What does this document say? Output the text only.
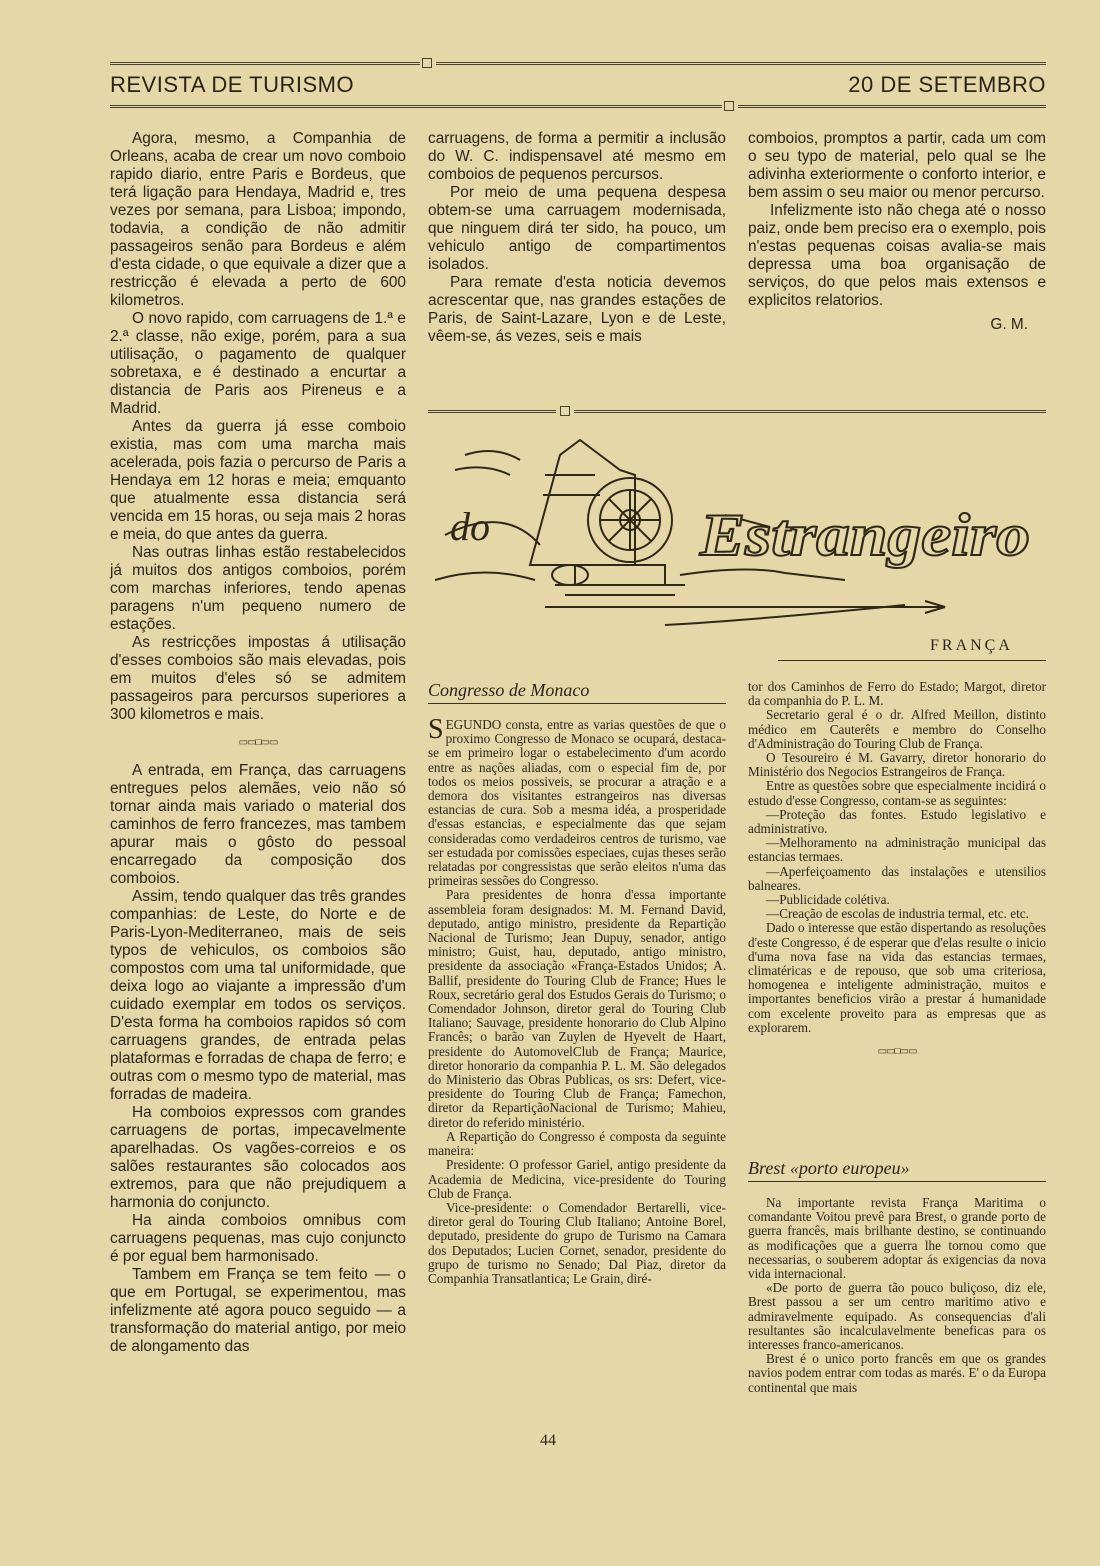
REVISTA DE TURISMO	20 DE SETEMBRO

Agora, mesmo, a Companhia de Orleans, acaba de crear um novo comboio rapido diario, entre Paris e Bordeus, que terá ligação para Hendaya, Madrid e, tres vezes por semana, para Lisboa; impondo, todavia, a condição de não admitir passageiros senão para Bordeus e além d'esta cidade, o que equivale a dizer que a restricção é elevada a perto de 600 kilometros.

O novo rapido, com carruagens de 1.ª e 2.ª classe, não exige, porém, para a sua utilisação, o pagamento de qualquer sobretaxa, e é destinado a encurtar a distancia de Paris aos Pireneus e a Madrid.

Antes da guerra já esse comboio existia, mas com uma marcha mais acelerada, pois fazia o percurso de Paris a Hendaya em 12 horas e meia; emquanto que atualmente essa distancia será vencida em 15 horas, ou seja mais 2 horas e meia, do que antes da guerra.

Nas outras linhas estão restabelecidos já muitos dos antigos comboios, porém com marchas inferiores, tendo apenas paragens n'um pequeno numero de estações.

As restricções impostas á utilisação d'esses comboios são mais elevadas, pois em muitos d'eles só se admitem passageiros para percursos superiores a 300 kilometros e mais.

▭▭□▭▭

A entrada, em França, das carruagens entregues pelos alemães, veio não só tornar ainda mais variado o material dos caminhos de ferro francezes, mas tambem apurar mais o gôsto do pessoal encarregado da composição dos comboios.

Assim, tendo qualquer das três grandes companhias: de Leste, do Norte e de Paris-Lyon-Mediterraneo, mais de seis typos de vehiculos, os comboios são compostos com uma tal uniformidade, que deixa logo ao viajante a impressão d'um cuidado exemplar em todos os serviços. D'esta forma ha comboios rapidos só com carruagens grandes, de entrada pelas plataformas e forradas de chapa de ferro; e outras com o mesmo typo de material, mas forradas de madeira.

Ha comboios expressos com grandes carruagens de portas, impecavelmente aparelhadas. Os vagões-correios e os salões restaurantes são colocados aos extremos, para que não prejudiquem a harmonia do conjuncto.

Ha ainda comboios omnibus com carruagens pequenas, mas cujo conjuncto é por egual bem harmonisado.

Tambem em França se tem feito — o que em Portugal, se experimentou, mas infelizmente até agora pouco seguido — a transformação do material antigo, por meio de alongamento das

carruagens, de forma a permitir a inclusão do W. C. indispensavel até mesmo em comboios de pequenos percursos.

Por meio de uma pequena despesa obtem-se uma carruagem modernisada, que ninguem dirá ter sido, ha pouco, um vehiculo antigo de compartimentos isolados.

Para remate d'esta noticia devemos acrescentar que, nas grandes estações de Paris, de Saint-Lazare, Lyon e de Leste, vêem-se, ás vezes, seis e mais

comboios, promptos a partir, cada um com o seu typo de material, pelo qual se lhe adivinha exteriormente o conforto interior, e bem assim o seu maior ou menor percurso.

Infelizmente isto não chega até o nosso paiz, onde bem preciso era o exemplo, pois n'estas pequenas coisas avalia-se mais depressa uma boa organisação de serviços, do que pelos mais extensos e explicitos relatorios.

G. M.
do	Estrangeiro
FRANÇA
Congresso de Monaco

SEGUNDO consta, entre as varias questões de que o proximo Congresso de Monaco se ocupará, destaca-se em primeiro logar o estabelecimento d'um acordo entre as nações aliadas, com o especial fim de, por todos os meios possiveis, se procurar a atração e a demora dos visitantes estrangeiros nas diversas estancias de cura. Sob a mesma idéa, a prosperidade d'essas estancias, e especialmente das que sejam consideradas como verdadeiros centros de turismo, vae ser estudada por comissões especiaes, cujas theses serão relatadas por congressistas que serão eleitos n'uma das primeiras sessões do Congresso.

Para presidentes de honra d'essa importante assembleia foram designados: M. M. Fernand David, deputado, antigo ministro, presidente da Repartição Nacional de Turismo; Jean Dupuy, senador, antigo ministro; Guist, hau, deputado, antigo ministro, presidente da associação «França-Estados Unidos; A. Ballif, presidente do Touring Club de France; Hues le Roux, secretário geral dos Estudos Gerais do Turismo; o Comendador Johnson, diretor geral do Touring Club Italiano; Sauvage, presidente honorario do Club Alpino Francês; o barão van Zuylen de Hyevelt de Haart, presidente do AutomovelClub de França; Maurice, diretor honorario da companhia P. L. M. São delegados do Ministerio das Obras Publicas, os srs: Defert, vice-presidente do Touring Club de França; Famechon, diretor da RepartiçãoNacional de Turismo; Mahieu, diretor do referido ministério.

A Repartição do Congresso é composta da seguinte maneira:

Presidente: O professor Gariel, antigo presidente da Academia de Medicina, vice-presidente do Touring Club de França.

Vice-presidente: o Comendador Bertarelli, vice-diretor geral do Touring Club Italiano; Antoine Borel, deputado, presidente do grupo de Turismo na Camara dos Deputados; Lucien Cornet, senador, presidente do grupo de turismo no Senado; Dal Piaz, diretor da Companhia Transatlantica; Le Grain, diré-

tor dos Caminhos de Ferro do Estado; Margot, diretor da companhia do P. L. M.

Secretario geral é o dr. Alfred Meillon, distinto médico em Cauterêts e membro do Conselho d'Administração do Touring Club de França.

O Tesoureiro é M. Gavarry, diretor honorario do Ministério dos Negocios Estrangeiros de França.

Entre as questões sobre que especialmente incidirá o estudo d'esse Congresso, contam-se as seguintes:

—Proteção das fontes. Estudo legislativo e administrativo.

—Melhoramento na administração municipal das estancias termaes.

—Aperfeiçoamento das instalações e utensilios balneares.

—Publicidade colétiva.

—Creação de escolas de industria termal, etc. etc.

Dado o interesse que estão dispertando as resoluções d'este Congresso, é de esperar que d'elas resulte o inicio d'uma nova fase na vida das estancias termaes, climatéricas e de repouso, que sob uma criteriosa, homogenea e inteligente administração, muitos e importantes beneficios virão a prestar á humanidade com excelente proveito para as empresas que as explorarem.

▭▭□▭▭
Brest «porto europeu»

Na importante revista França Maritima o comandante Voitou prevê para Brest, o grande porto de guerra francês, mais brilhante destino, se continuando as modificações que a guerra lhe tornou como que necessarias, o souberem adoptar ás exigencias da nova vida internacional.

«De porto de guerra tão pouco buliçoso, diz ele, Brest passou a ser um centro maritimo ativo e admiravelmente equipado. As consequencias d'ali resultantes são incalculavelmente beneficas para os interesses franco-americanos.

Brest é o unico porto francês em que os grandes navios podem entrar com todas as marés. E' o da Europa continental que mais

44
